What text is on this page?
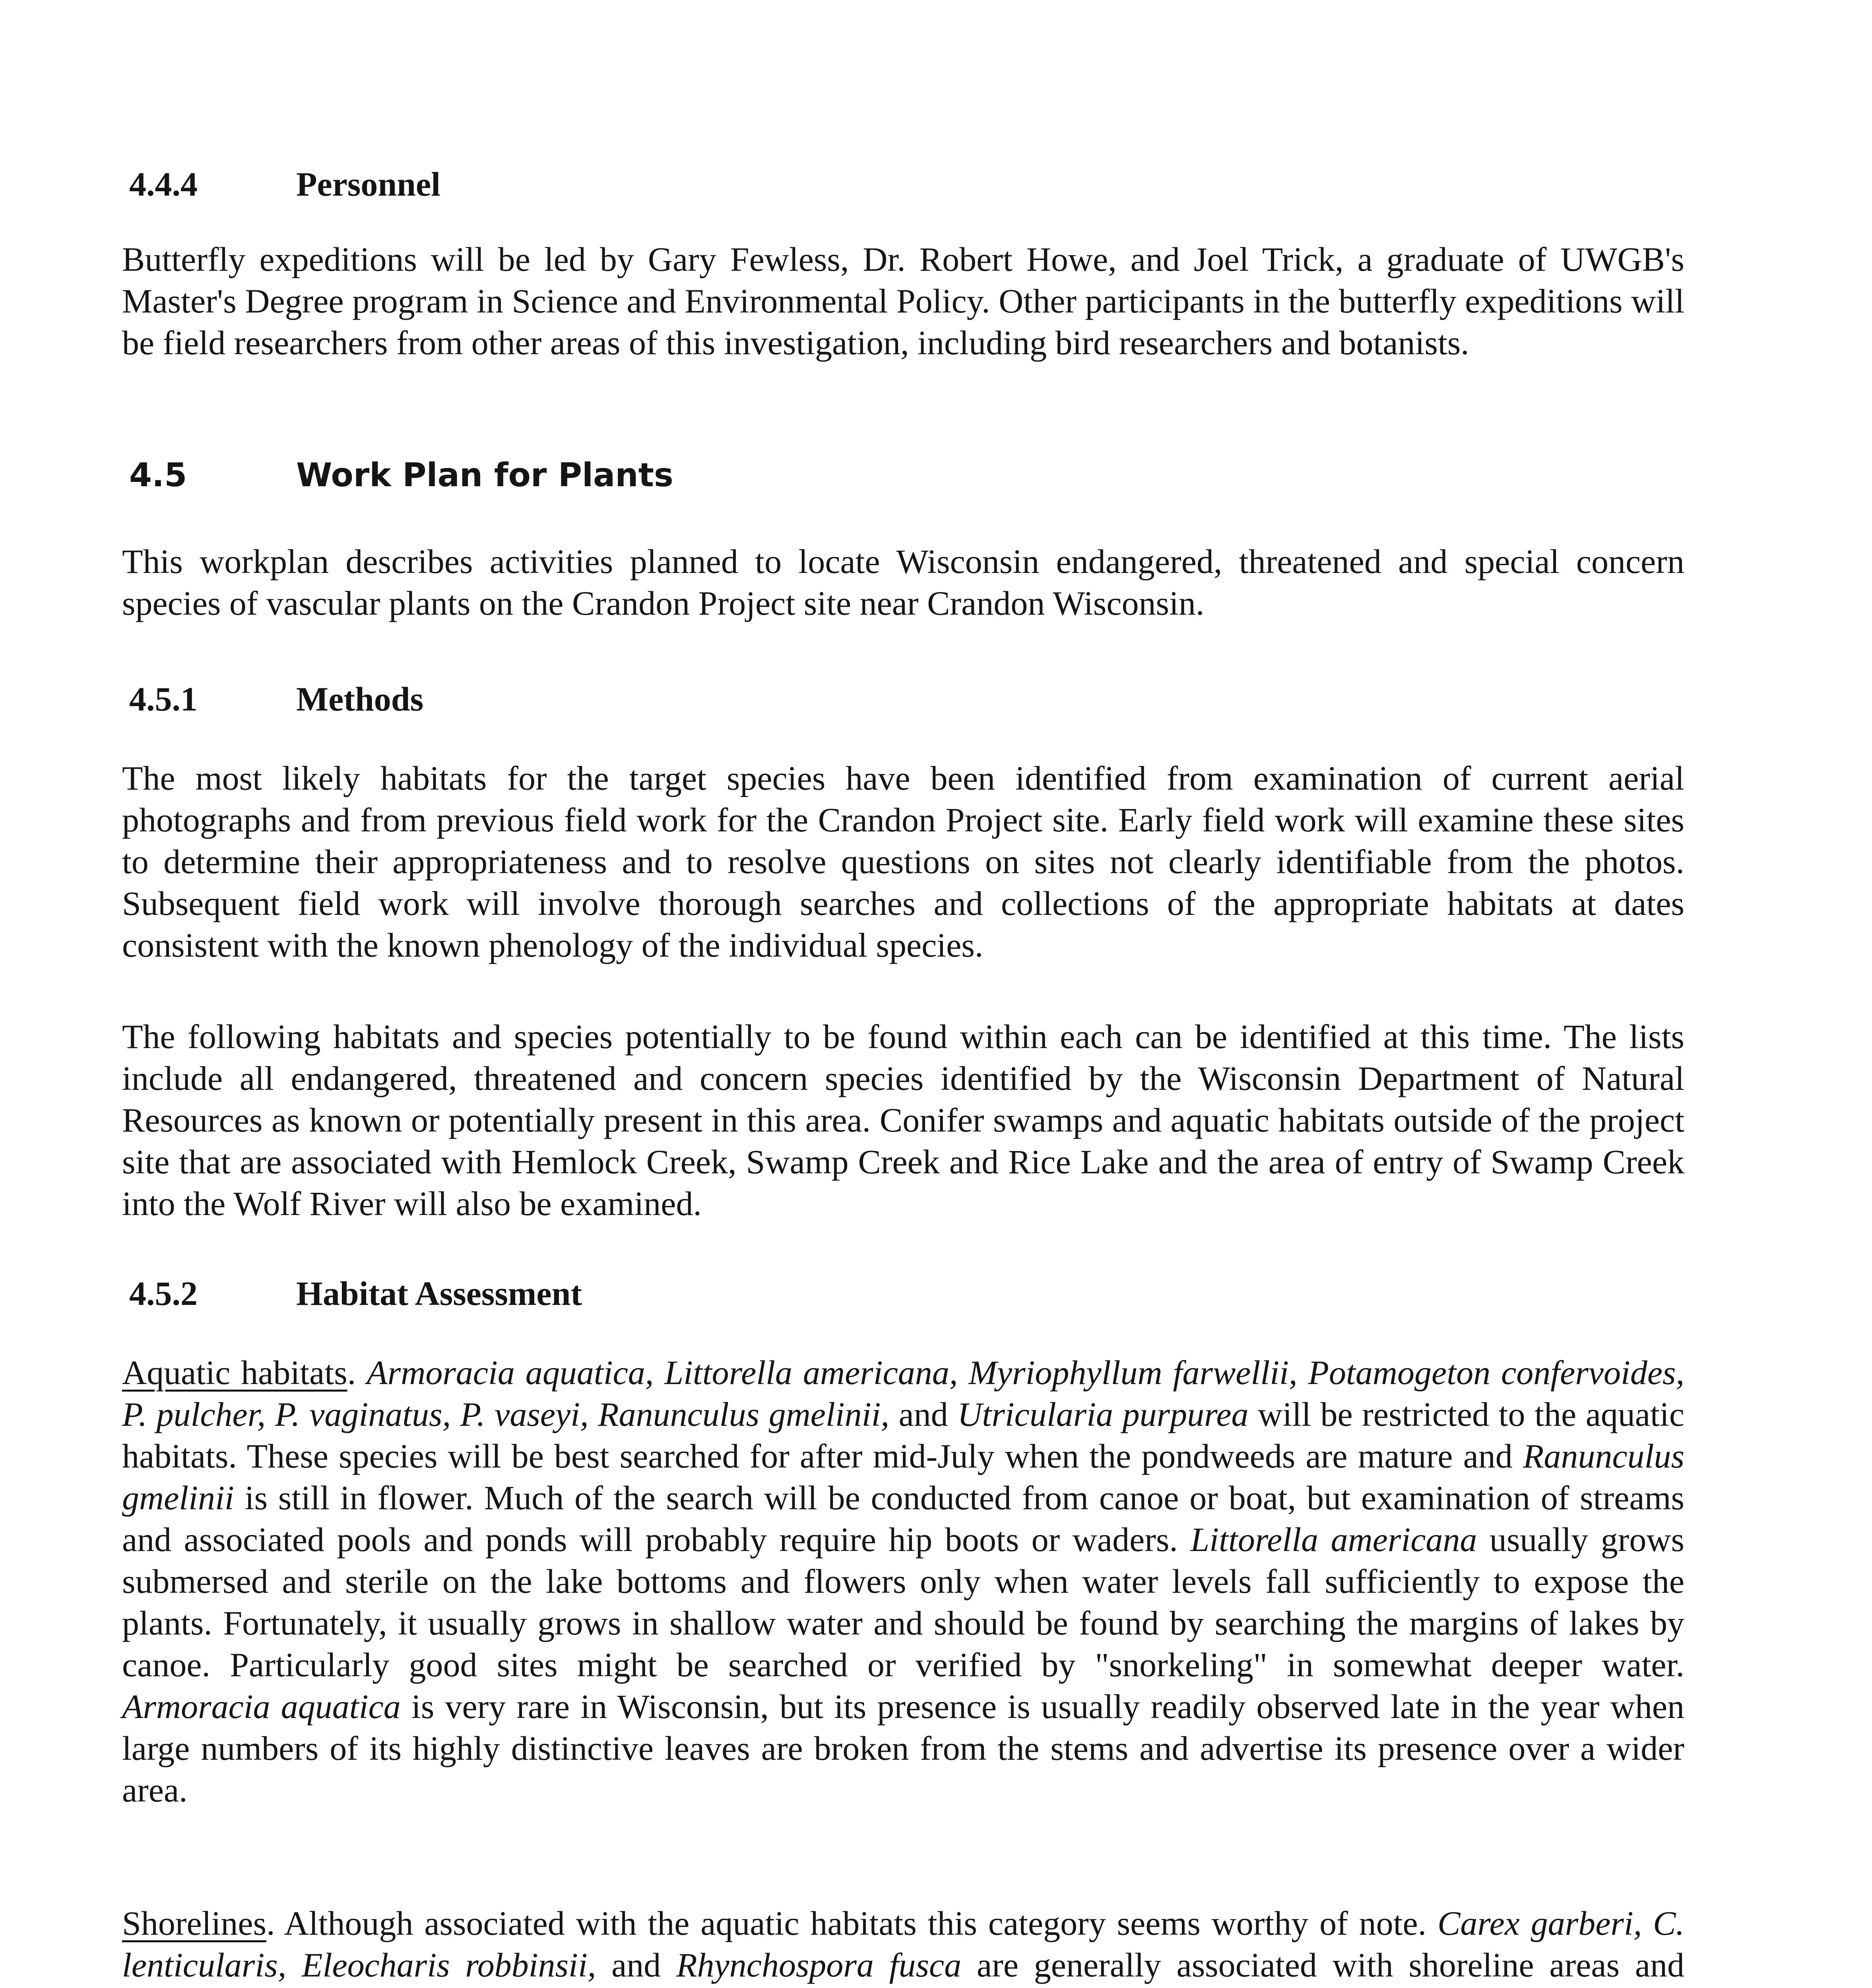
4.4.4	Personnel

Butterfly expeditions will be led by Gary Fewless, Dr. Robert Howe, and Joel Trick, a graduate of UWGB's Master's Degree program in Science and Environmental Policy. Other participants in the butterfly expeditions will be field researchers from other areas of this investigation, including bird researchers and botanists.

4.5	Work Plan for Plants

This workplan describes activities planned to locate Wisconsin endangered, threatened and special concern species of vascular plants on the Crandon Project site near Crandon Wisconsin.

4.5.1	Methods

The most likely habitats for the target species have been identified from examination of current aerial photographs and from previous field work for the Crandon Project site. Early field work will examine these sites to determine their appropriateness and to resolve questions on sites not clearly identifiable from the photos. Subsequent field work will involve thorough searches and collections of the appropriate habitats at dates consistent with the known phenology of the individual species.

The following habitats and species potentially to be found within each can be identified at this time. The lists include all endangered, threatened and concern species identified by the Wisconsin Department of Natural Resources as known or potentially present in this area. Conifer swamps and aquatic habitats outside of the project site that are associated with Hemlock Creek, Swamp Creek and Rice Lake and the area of entry of Swamp Creek into the Wolf River will also be examined.

4.5.2	Habitat Assessment

Aquatic habitats. Armoracia aquatica, Littorella americana, Myriophyllum farwellii, Potamogeton confervoides, P. pulcher, P. vaginatus, P. vaseyi, Ranunculus gmelinii, and Utricularia purpurea will be restricted to the aquatic habitats. These species will be best searched for after mid-July when the pondweeds are mature and Ranunculus gmelinii is still in flower. Much of the search will be conducted from canoe or boat, but examination of streams and associated pools and ponds will probably require hip boots or waders. Littorella americana usually grows submersed and sterile on the lake bottoms and flowers only when water levels fall sufficiently to expose the plants. Fortunately, it usually grows in shallow water and should be found by searching the margins of lakes by canoe. Particularly good sites might be searched or verified by "snorkeling" in somewhat deeper water. Armoracia aquatica is very rare in Wisconsin, but its presence is usually readily observed late in the year when large numbers of its highly distinctive leaves are broken from the stems and advertise its presence over a wider area.

Shorelines. Although associated with the aquatic habitats this category seems worthy of note. Carex garberi, C. lenticularis, Eleocharis robbinsii, and Rhynchospora fusca are generally associated with shoreline areas and
